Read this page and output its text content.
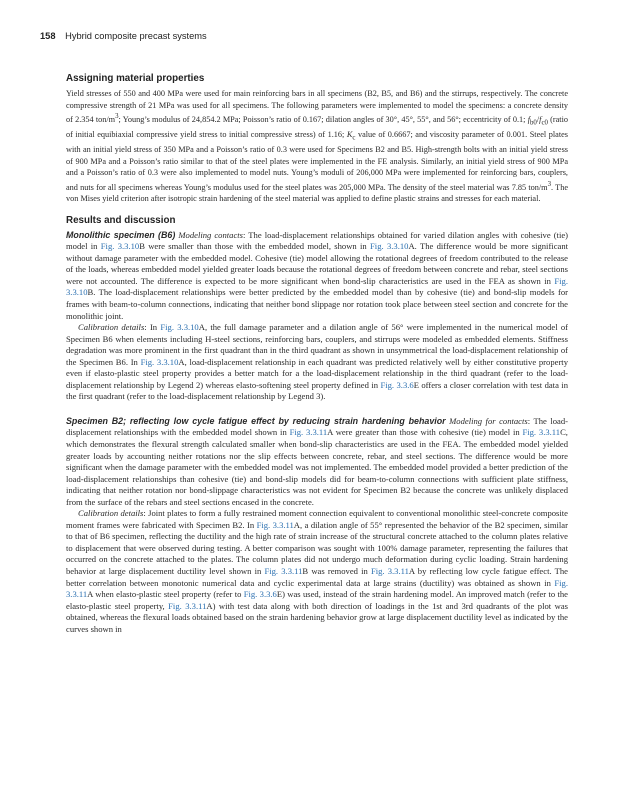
158 Hybrid composite precast systems
Assigning material properties

Yield stresses of 550 and 400 MPa were used for main reinforcing bars in all specimens (B2, B5, and B6) and the stirrups, respectively. The concrete compressive strength of 21 MPa was used for all specimens. The following parameters were implemented to model the specimens: a concrete density of 2.354 ton/$m^3$; Young’s modulus of 24,854.2 MPa; Poisson’s ratio of 0.167; dilation angles of 30°, 45°, 55°, and 56°; eccentricity of 0.1; $f_{b0}/f_{c0}$ (ratio of initial equibiaxial compressive yield stress to initial compressive stress) of 1.16; $K_c$ value of 0.6667; and viscosity parameter of 0.001. Steel plates with an initial yield stress of 350 MPa and a Poisson’s ratio of 0.3 were used for Specimens B2 and B5. High-strength bolts with an initial yield stress of 900 MPa and a Poisson’s ratio similar to that of the steel plates were implemented in the FE analysis. Similarly, an initial yield stress of 900 MPa and a Poisson’s ratio of 0.3 were also implemented to model nuts. Young’s moduli of 206,000 MPa were implemented for reinforcing bars, couplers, and nuts for all specimens whereas Young’s modulus used for the steel plates was 205,000 MPa. The density of the steel material was 7.85 ton/$m^3$. The von Mises yield criterion after isotropic strain hardening of the steel material was applied to define plastic strains and stresses for each material.

Results and discussion

Monolithic specimen (B6) Modeling contacts: The load-displacement relationships obtained for varied dilation angles with cohesive (tie) model in Fig. 3.3.10B were smaller than those with the embedded model, shown in Fig. 3.3.10A. The difference would be more significant without damage parameter with the embedded model. Cohesive (tie) model allowing the rotational degrees of freedom contributed to the release of the loads, whereas embedded model yielded greater loads because the rotational degrees of freedom between concrete and rebar, steel sections were not accounted. The difference is expected to be more significant when bond-slip characteristics are used in the FEA as shown in Fig. 3.3.10B. The load-displacement relationships were better predicted by the embedded model than by cohesive (tie) and bond-slip models for frames with beam-to-column connections, indicating that neither bond slippage nor rotation took place between steel section and concrete for the monolithic joint.

Calibration details: In Fig. 3.3.10A, the full damage parameter and a dilation angle of 56° were implemented in the numerical model of Specimen B6 when elements including H-steel sections, reinforcing bars, couplers, and stirrups were modeled as embedded elements. Stiffness degradation was more prominent in the first quadrant than in the third quadrant as shown in unsymmetrical the load-displacement relationship of the Specimen B6. In Fig. 3.3.10A, load-displacement relationship in each quadrant was predicted relatively well by either constitutive property even if elasto-plastic steel property provides a better match for a the load-displacement relationship in the third quadrant (refer to the load-displacement relationship by Legend 2) whereas elasto-softening steel property defined in Fig. 3.3.6E offers a closer correlation with test data in the first quadrant (refer to the load-displacement relationship by Legend 3).

Specimen B2; reflecting low cycle fatigue effect by reducing strain hardening behavior Modeling for contacts: The load-displacement relationships with the embedded model shown in Fig. 3.3.11A were greater than those with cohesive (tie) model in Fig. 3.3.11C, which demonstrates the flexural strength calculated smaller when bond-slip characteristics are used in the FEA. The embedded model yielded greater loads by accounting neither rotations nor the slip effects between concrete, rebar, and steel sections. The difference would be more significant when the damage parameter with the embedded model was not implemented. The embedded model provided a better prediction of the load-displacement relationships than cohesive (tie) and bond-slip models did for beam-to-column connections with sufficient plate stiffness, indicating that neither rotation nor bond-slippage characteristics was not evident for Specimen B2 because the concrete was unlikely displaced from the surface of the rebars and steel sections encased in the concrete.

Calibration details: Joint plates to form a fully restrained moment connection equivalent to conventional monolithic steel-concrete composite moment frames were fabricated with Specimen B2. In Fig. 3.3.11A, a dilation angle of 55° represented the behavior of the B2 specimen, similar to that of B6 specimen, reflecting the ductility and the high rate of strain increase of the structural concrete attached to the column plates relative to displacement that were observed during testing. A better comparison was sought with 100% damage parameter, representing the failures that occurred on the concrete attached to the plates. The column plates did not undergo much deformation during cyclic loading. Strain hardening behavior at large displacement ductility level shown in Fig. 3.3.11B was removed in Fig. 3.3.11A by reflecting low cycle fatigue effect. The better correlation between monotonic numerical data and cyclic experimental data at large strains (ductility) was obtained as shown in Fig. 3.3.11A when elasto-plastic steel property (refer to Fig. 3.3.6E) was used, instead of the strain hardening model. An improved match (refer to the elasto-plastic steel property, Fig. 3.3.11A) with test data along with both direction of loadings in the 1st and 3rd quadrants of the plot was obtained, whereas the flexural loads obtained based on the strain hardening behavior grow at large displacement ductility level as indicated by the curves shown in
